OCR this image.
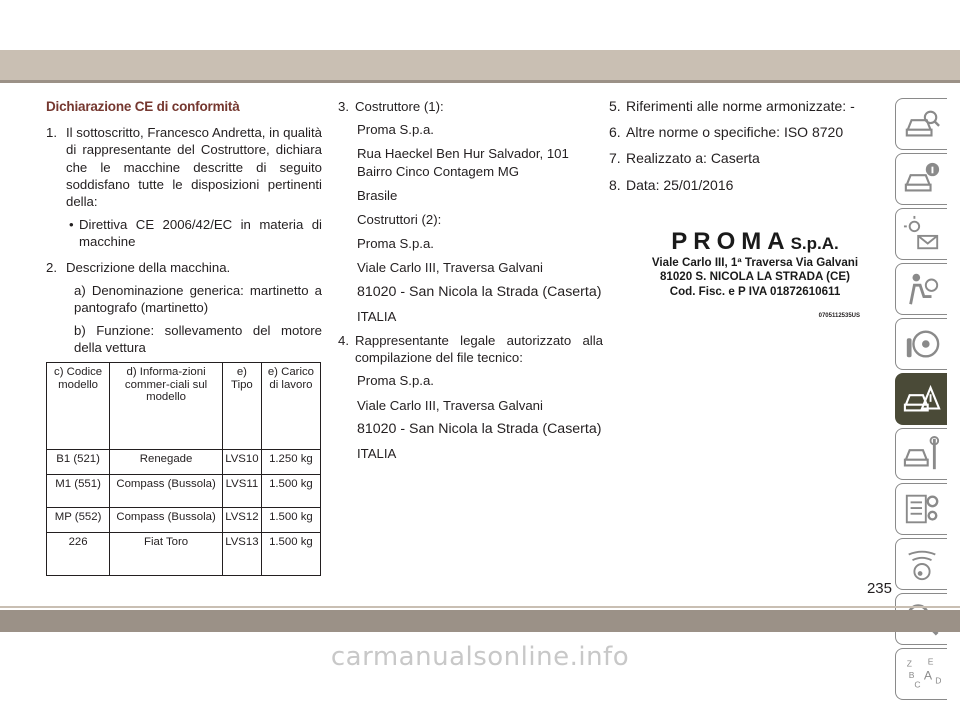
Dichiarazione CE di conformità
1. Il sottoscritto, Francesco Andretta, in qualità di rappresentante del Costruttore, dichiara che le macchine descritte di seguito soddisfano tutte le disposizioni pertinenti della:
• Direttiva CE 2006/42/EC in materia di macchine
2. Descrizione della macchina.
a) Denominazione generica: martinetto a pantografo (martinetto)
b) Funzione: sollevamento del motore della vettura
c) Codice modello	d) Informa-zioni commer-ciali sul modello	e) Tipo	e) Carico di lavoro
B1 (521)	Renegade	LVS10	1.250 kg
M1 (551)	Compass (Bussola)	LVS11	1.500 kg
MP (552)	Compass (Bussola)	LVS12	1.500 kg
226	Fiat Toro	LVS13	1.500 kg
3. Costruttore (1):
Proma S.p.a.
Rua Haeckel Ben Hur Salvador, 101 Bairro Cinco Contagem MG
Brasile
Costruttori (2):
Proma S.p.a.
Viale Carlo III, Traversa Galvani
81020 - San Nicola la Strada (Caserta)
ITALIA
4. Rappresentante legale autorizzato alla compilazione del file tecnico:
Proma S.p.a.
Viale Carlo III, Traversa Galvani
81020 - San Nicola la Strada (Caserta)
ITALIA
5. Riferimenti alle norme armonizzate: -
6. Altre norme o specifiche: ISO 8720
7. Realizzato a: Caserta
8. Data: 25/01/2016
PROMAS.p.A.
Viale Carlo III, 1ª Traversa Via Galvani
81020 S. NICOLA LA STRADA (CE)
Cod. Fisc. e P IVA 01872610611
0705112535US
Z E
B A D
C
235
carmanualsonline.info
